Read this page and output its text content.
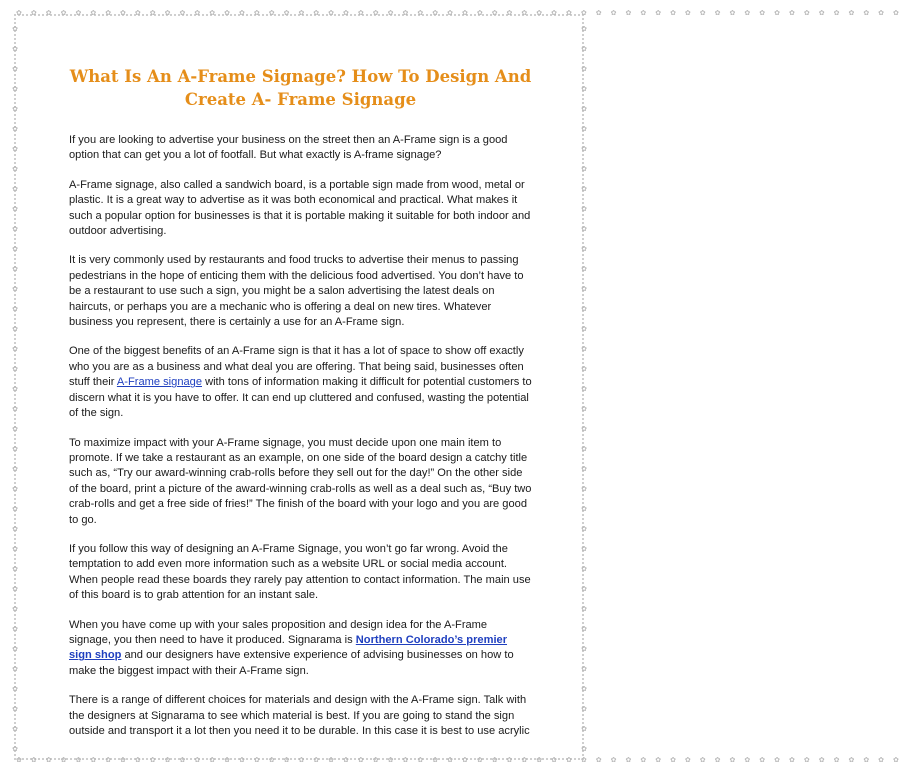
✿✿✿✿✿✿✿✿✿✿✿✿✿✿✿✿✿✿✿✿✿✿✿✿✿✿✿✿✿✿✿✿✿✿✿✿✿✿✿✿✿✿✿✿✿✿✿✿✿✿✿✿✿✿✿✿✿✿✿✿
✿✿✿✿✿✿✿✿✿✿✿✿✿✿✿✿✿✿✿✿✿✿✿✿✿✿✿✿✿✿✿✿✿✿✿✿✿✿✿✿✿✿✿✿✿✿✿✿✿✿✿✿✿✿✿✿✿✿✿✿
✿
✿
✿
✿
✿
✿
✿
✿
✿
✿
✿
✿
✿
✿
✿
✿
✿
✿
✿
✿
✿
✿
✿
✿
✿
✿
✿
✿
✿
✿
✿
✿
✿
✿
✿
✿
✿
✿
✿
✿
✿
✿
✿
✿
✿
✿
✿
✿
✿
✿
✿
✿
✿
✿
✿
✿
✿
✿
✿
✿
✿
✿
✿
✿
✿
✿
✿
✿
✿
✿
✿
✿
✿
✿
What Is An A-Frame Signage? How To Design And Create A- Frame Signage

If you are looking to advertise your business on the street then an A-Frame sign is a good option that can get you a lot of footfall. But what exactly is A-frame signage?

A-Frame signage, also called a sandwich board, is a portable sign made from wood, metal or plastic. It is a great way to advertise as it was both economical and practical. What makes it such a popular option for businesses is that it is portable making it suitable for both indoor and outdoor advertising.

It is very commonly used by restaurants and food trucks to advertise their menus to passing pedestrians in the hope of enticing them with the delicious food advertised. You don’t have to be a restaurant to use such a sign, you might be a salon advertising the latest deals on haircuts, or perhaps you are a mechanic who is offering a deal on new tires. Whatever business you represent, there is certainly a use for an A-Frame sign.

One of the biggest benefits of an A-Frame sign is that it has a lot of space to show off exactly who you are as a business and what deal you are offering. That being said, businesses often stuff their A-Frame signage with tons of information making it difficult for potential customers to discern what it is you have to offer. It can end up cluttered and confused, wasting the potential of the sign.

To maximize impact with your A-Frame signage, you must decide upon one main item to promote. If we take a restaurant as an example, on one side of the board design a catchy title such as, “Try our award-winning crab-rolls before they sell out for the day!” On the other side of the board, print a picture of the award-winning crab-rolls as well as a deal such as, “Buy two crab-rolls and get a free side of fries!” The finish of the board with your logo and you are good to go.

If you follow this way of designing an A-Frame Signage, you won’t go far wrong. Avoid the temptation to add even more information such as a website URL or social media account. When people read these boards they rarely pay attention to contact information. The main use of this board is to grab attention for an instant sale.

When you have come up with your sales proposition and design idea for the A-Frame signage, you then need to have it produced. Signarama is Northern Colorado’s premier sign shop and our designers have extensive experience of advising businesses on how to make the biggest impact with their A-Frame sign.

There is a range of different choices for materials and design with the A-Frame sign. Talk with the designers at Signarama to see which material is best. If you are going to stand the sign outside and transport it a lot then you need it to be durable. In this case it is best to use acrylic
